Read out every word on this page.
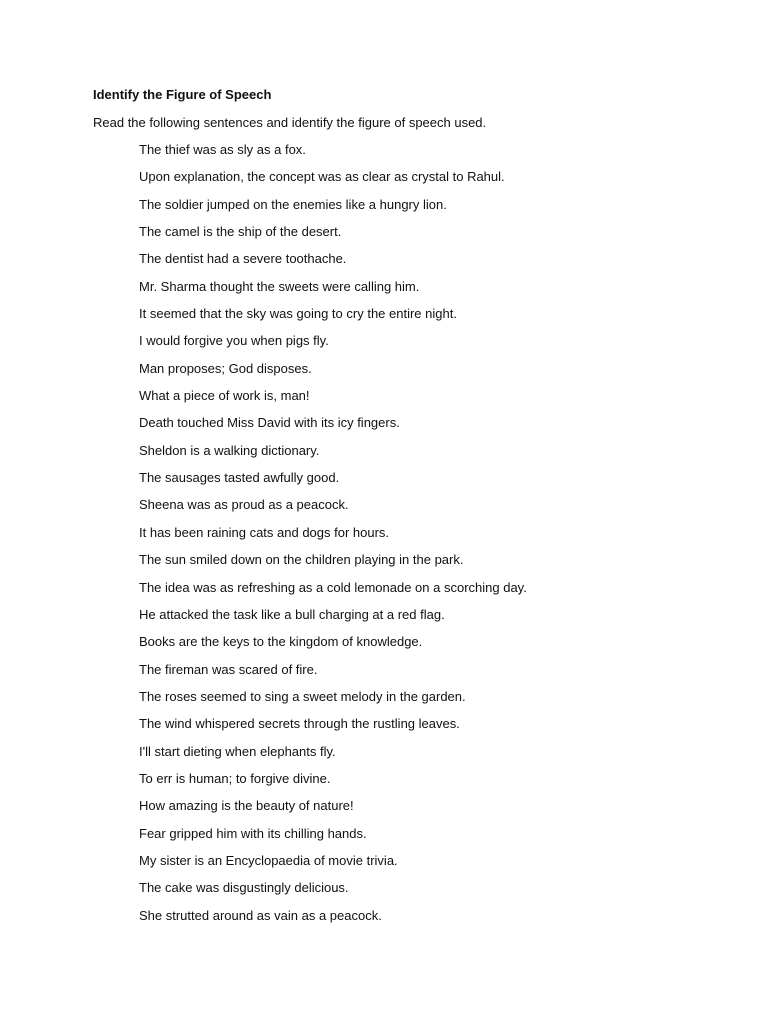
Identify the Figure of Speech
Read the following sentences and identify the figure of speech used.
The thief was as sly as a fox.
Upon explanation, the concept was as clear as crystal to Rahul.
The soldier jumped on the enemies like a hungry lion.
The camel is the ship of the desert.
The dentist had a severe toothache.
Mr. Sharma thought the sweets were calling him.
It seemed that the sky was going to cry the entire night.
I would forgive you when pigs fly.
Man proposes; God disposes.
What a piece of work is, man!
Death touched Miss David with its icy fingers.
Sheldon is a walking dictionary.
The sausages tasted awfully good.
Sheena was as proud as a peacock.
It has been raining cats and dogs for hours.
The sun smiled down on the children playing in the park.
The idea was as refreshing as a cold lemonade on a scorching day.
He attacked the task like a bull charging at a red flag.
Books are the keys to the kingdom of knowledge.
The fireman was scared of fire.
The roses seemed to sing a sweet melody in the garden.
The wind whispered secrets through the rustling leaves.
I'll start dieting when elephants fly.
To err is human; to forgive divine.
How amazing is the beauty of nature!
Fear gripped him with its chilling hands.
My sister is an Encyclopaedia of movie trivia.
The cake was disgustingly delicious.
She strutted around as vain as a peacock.
